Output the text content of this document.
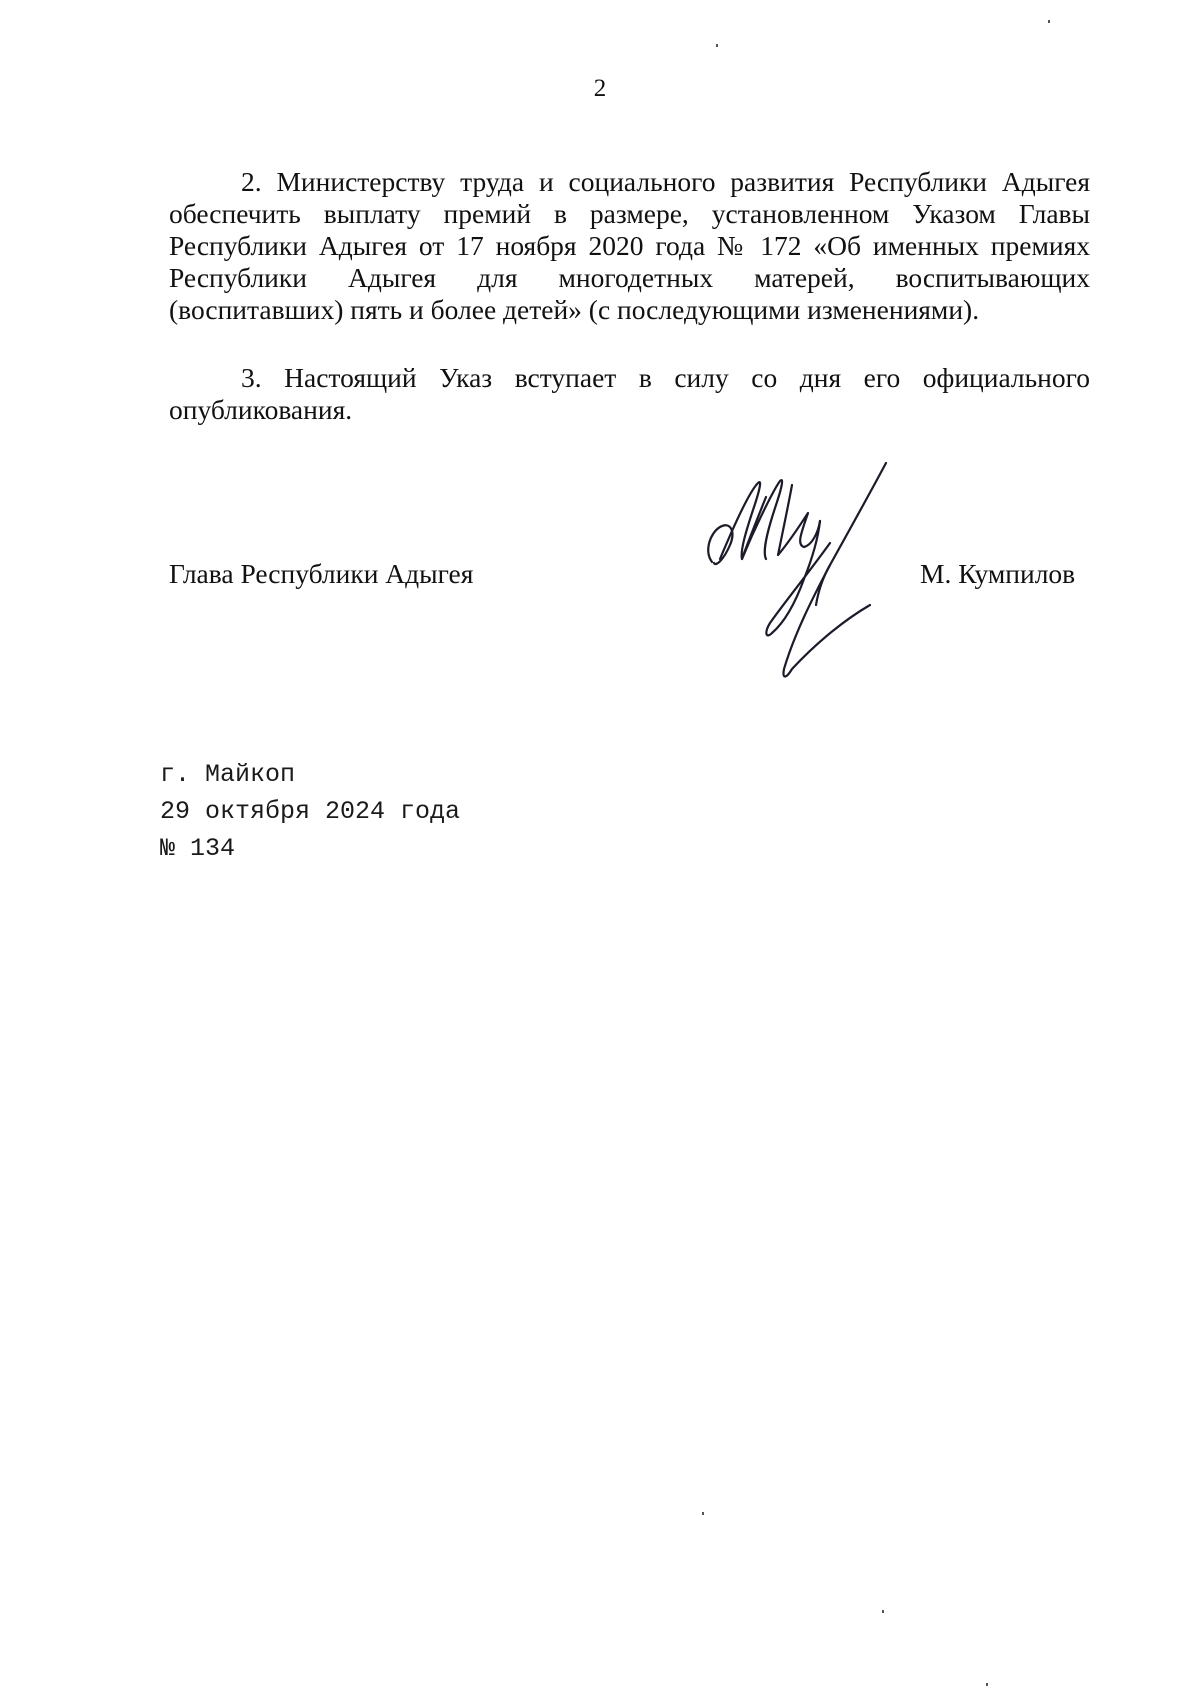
2
2. Министерству труда и социального развития Республики Адыгея
обеспечить выплату премий в размере, установленном Указом Главы
Республики Адыгея от 17 ноября 2020 года № 172 «Об именных премиях
Республики Адыгея для многодетных матерей, воспитывающих
(воспитавших) пять и более детей» (с последующими изменениями).
3. Настоящий Указ вступает в силу со дня его официального
опубликования.
Глава Республики Адыгея	М. Кумпилов
г. Майкоп
29 октября 2024 года
№ 134
